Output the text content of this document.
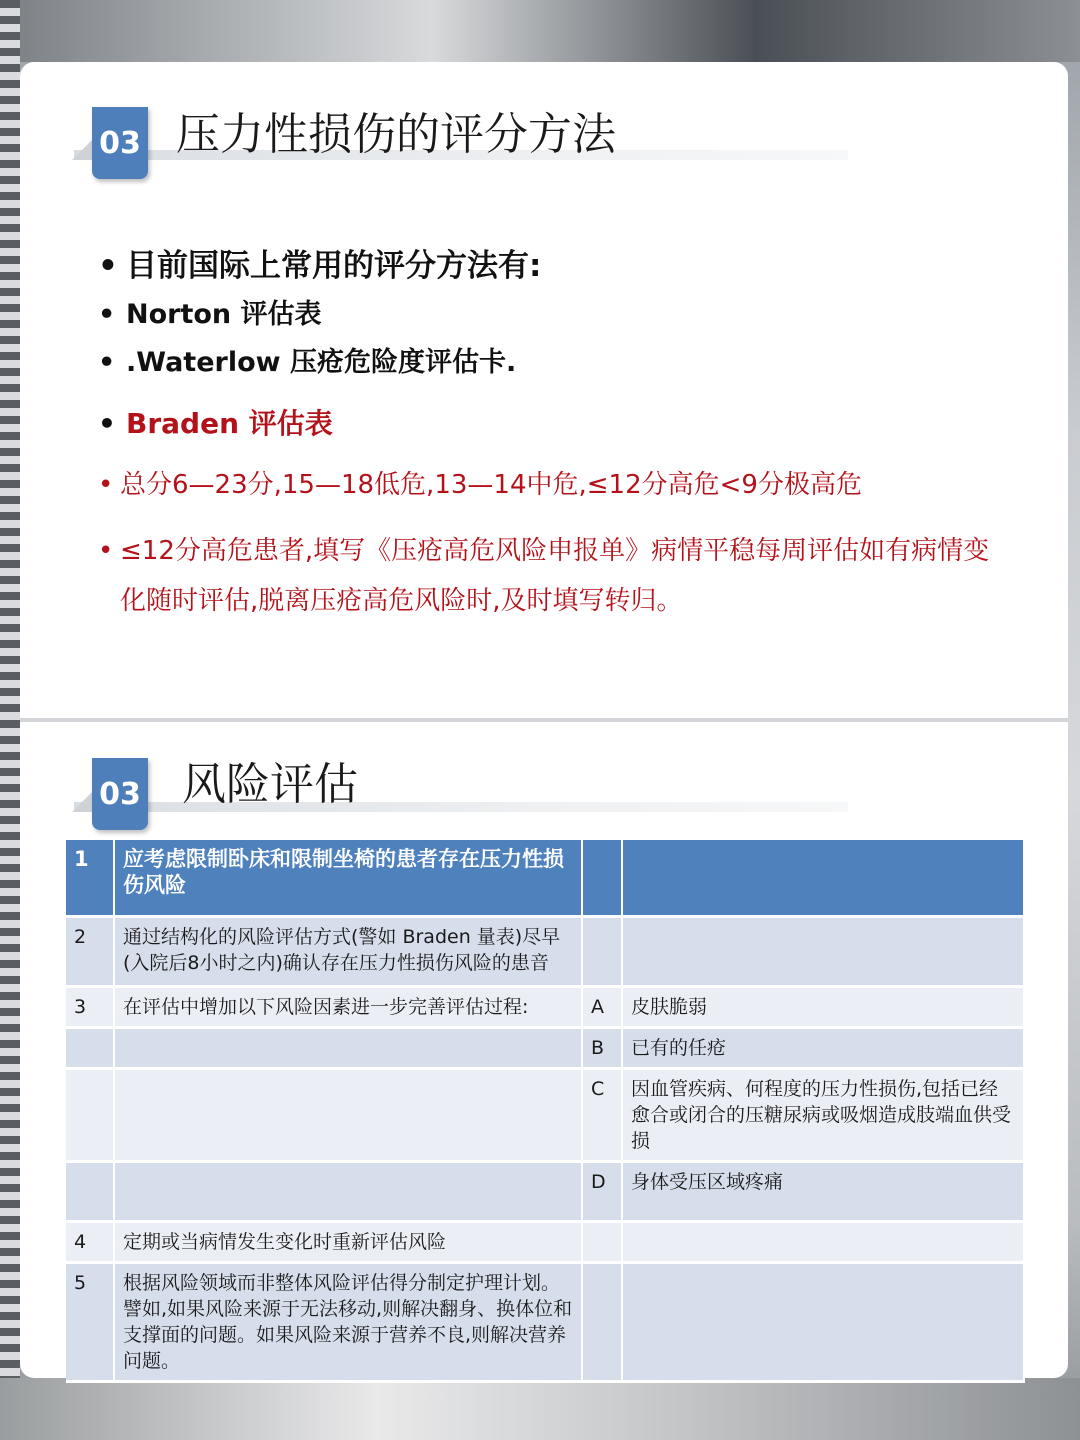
03 压力性损伤的评分方法
• 目前国际上常用的评分方法有:
• Norton 评估表
• .Waterlow 压疮危险度评估卡.
• Braden 评估表
• 总分6—23分,15—18低危,13—14中危,≤12分高危<9分极高危
• ≤12分高危患者,填写《压疮高危风险申报单》病情平稳每周评估如有病情变
化随时评估,脱离压疮高危风险时,及时填写转归。
03 风险评估
1	应考虑限制卧床和限制坐椅的患者存在压力性损伤风险		
2	通过结构化的风险评估方式(警如 Braden 量表)尽早(入院后8小时之内)确认存在压力性损伤风险的患音		
3	在评估中增加以下风险因素进一步完善评估过程:	A	皮肤脆弱
		B	已有的任疮
		C	因血管疾病、何程度的压力性损伤,包括已经愈合或闭合的压糖尿病或吸烟造成肢端血供受损
		D	身体受压区域疼痛
4	定期或当病情发生变化时重新评估风险		
5	根据风险领域而非整体风险评估得分制定护理计划。譬如,如果风险来源于无法移动,则解决翻身、换体位和支撑面的问题。如果风险来源于营养不良,则解决营养问题。		
